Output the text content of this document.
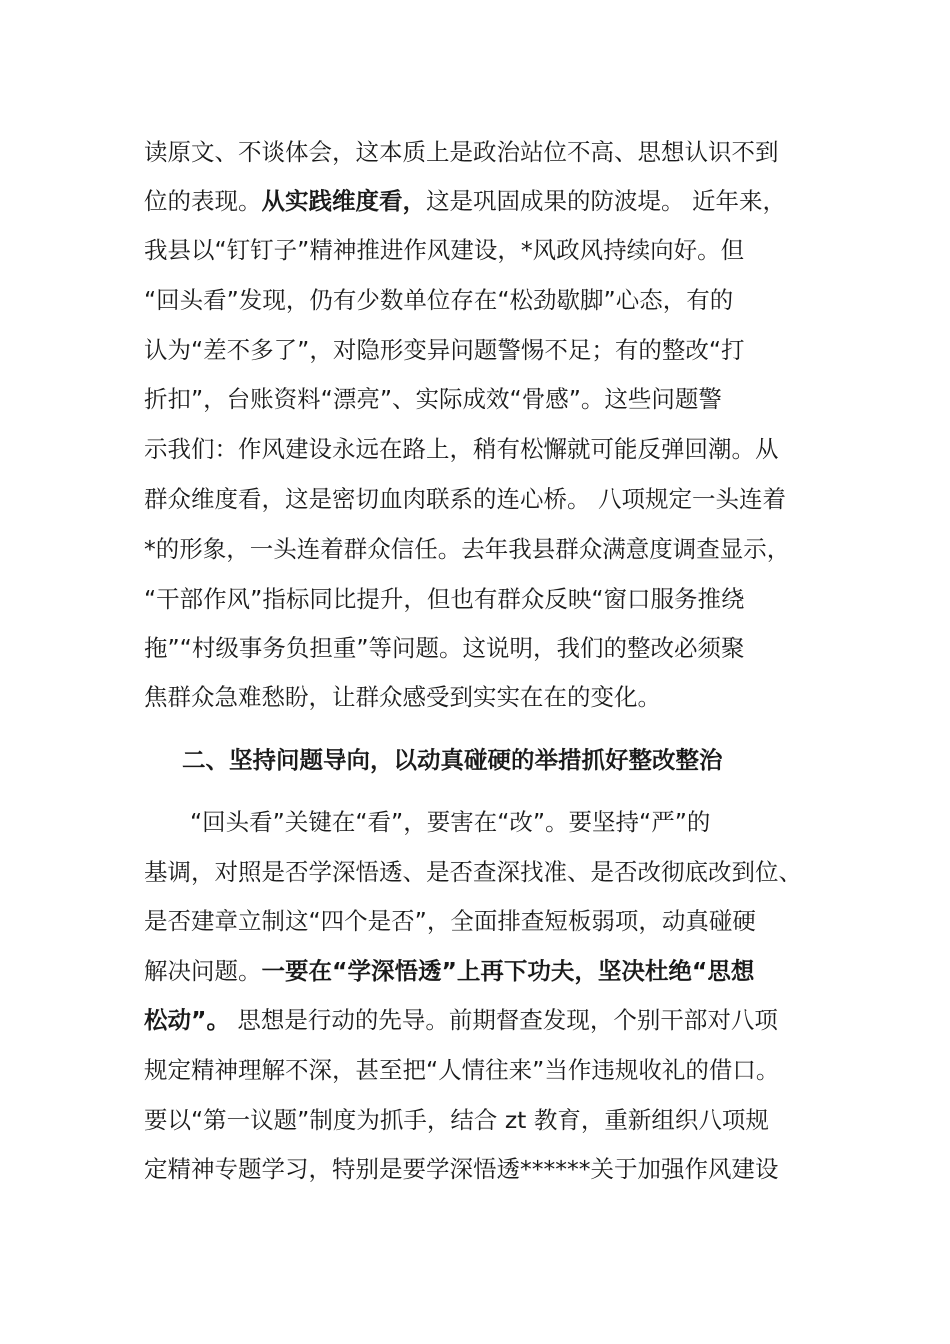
读原文、不谈体会，这本质上是政治站位不高、思想认识不到
位的表现。从实践维度看，这是巩固成果的防波堤。 近年来，
我县以“钉钉子”精神推进作风建设，*风政风持续向好。但
“回头看”发现，仍有少数单位存在“松劲歇脚”心态，有的
认为“差不多了”，对隐形变异问题警惕不足；有的整改“打
折扣”，台账资料“漂亮”、实际成效“骨感”。这些问题警
示我们：作风建设永远在路上，稍有松懈就可能反弹回潮。从
群众维度看，这是密切血肉联系的连心桥。 八项规定一头连着
*的形象，一头连着群众信任。去年我县群众满意度调查显示，
“干部作风”指标同比提升，但也有群众反映“窗口服务推绕
拖”“村级事务负担重”等问题。这说明，我们的整改必须聚
焦群众急难愁盼，让群众感受到实实在在的变化。
二、坚持问题导向，以动真碰硬的举措抓好整改整治
“回头看”关键在“看”，要害在“改”。要坚持“严”的
基调，对照是否学深悟透、是否查深找准、是否改彻底改到位、
是否建章立制这“四个是否”，全面排查短板弱项，动真碰硬
解决问题。一要在“学深悟透”上再下功夫，坚决杜绝“思想
松动”。 思想是行动的先导。前期督查发现，个别干部对八项
规定精神理解不深，甚至把“人情往来”当作违规收礼的借口。
要以“第一议题”制度为抓手，结合 zt 教育，重新组织八项规
定精神专题学习，特别是要学深悟透******关于加强作风建设
